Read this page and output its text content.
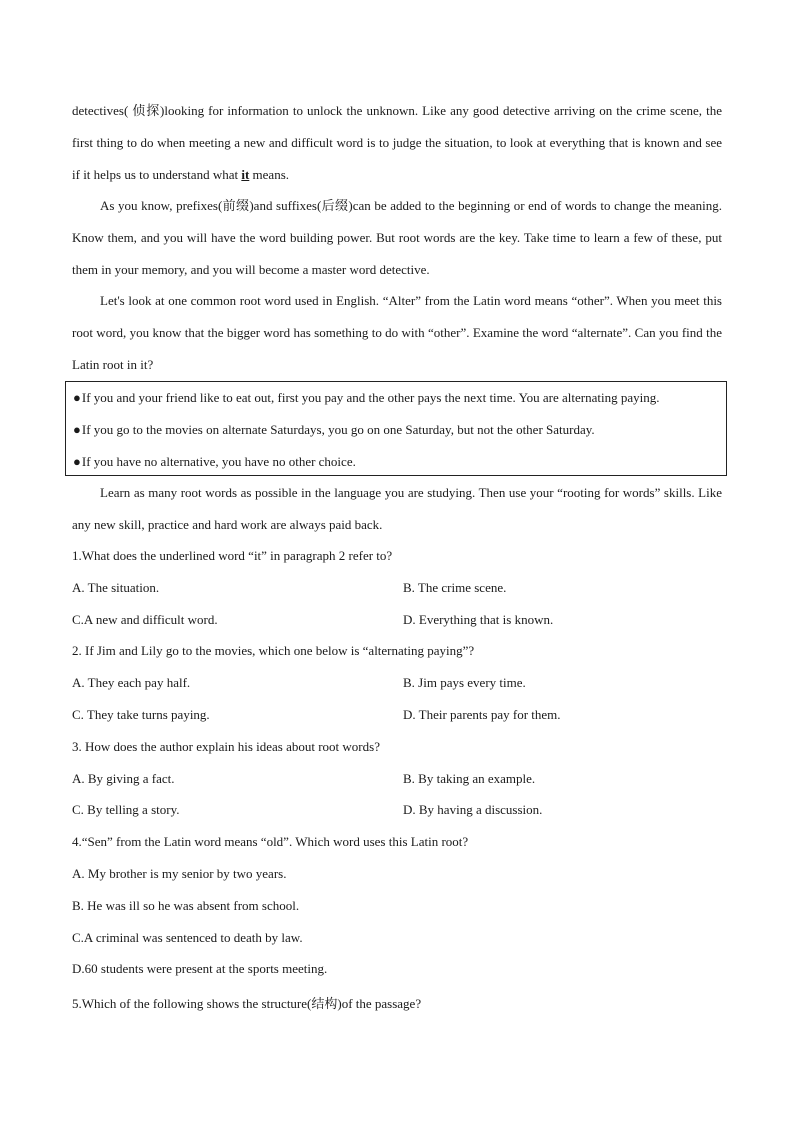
detectives( 侦探)looking for information to unlock the unknown. Like any good detective arriving on the crime scene, the first thing to do when meeting a new and difficult word is to judge the situation, to look at everything that is known and see if it helps us to understand what it means.

As you know, prefixes(前缀)and suffixes(后缀)can be added to the beginning or end of words to change the meaning. Know them, and you will have the word building power. But root words are the key. Take time to learn a few of these, put them in your memory, and you will become a master word detective.

Let's look at one common root word used in English. “Alter” from the Latin word means “other”. When you meet this root word, you know that the bigger word has something to do with “other”. Examine the word “alternate”. Can you find the Latin root in it?

●If you and your friend like to eat out, first you pay and the other pays the next time. You are alternating paying.
●If you go to the movies on alternate Saturdays, you go on one Saturday, but not the other Saturday.
●If you have no alternative, you have no other choice.

Learn as many root words as possible in the language you are studying. Then use your “rooting for words” skills. Like any new skill, practice and hard work are always paid back.

1.What does the underlined word “it” in paragraph 2 refer to?
A. The situation.	B. The crime scene.
C.A new and difficult word.	D. Everything that is known.
2. If Jim and Lily go to the movies, which one below is “alternating paying”?
A. They each pay half.	B. Jim pays every time.
C. They take turns paying.	D. Their parents pay for them.
3. How does the author explain his ideas about root words?
A. By giving a fact.	B. By taking an example.
C. By telling a story.	D. By having a discussion.
4.“Sen” from the Latin word means “old”. Which word uses this Latin root?
A. My brother is my senior by two years.
B. He was ill so he was absent from school.
C.A criminal was sentenced to death by law.
D.60 students were present at the sports meeting.
5.Which of the following shows the structure(结构)of the passage?
